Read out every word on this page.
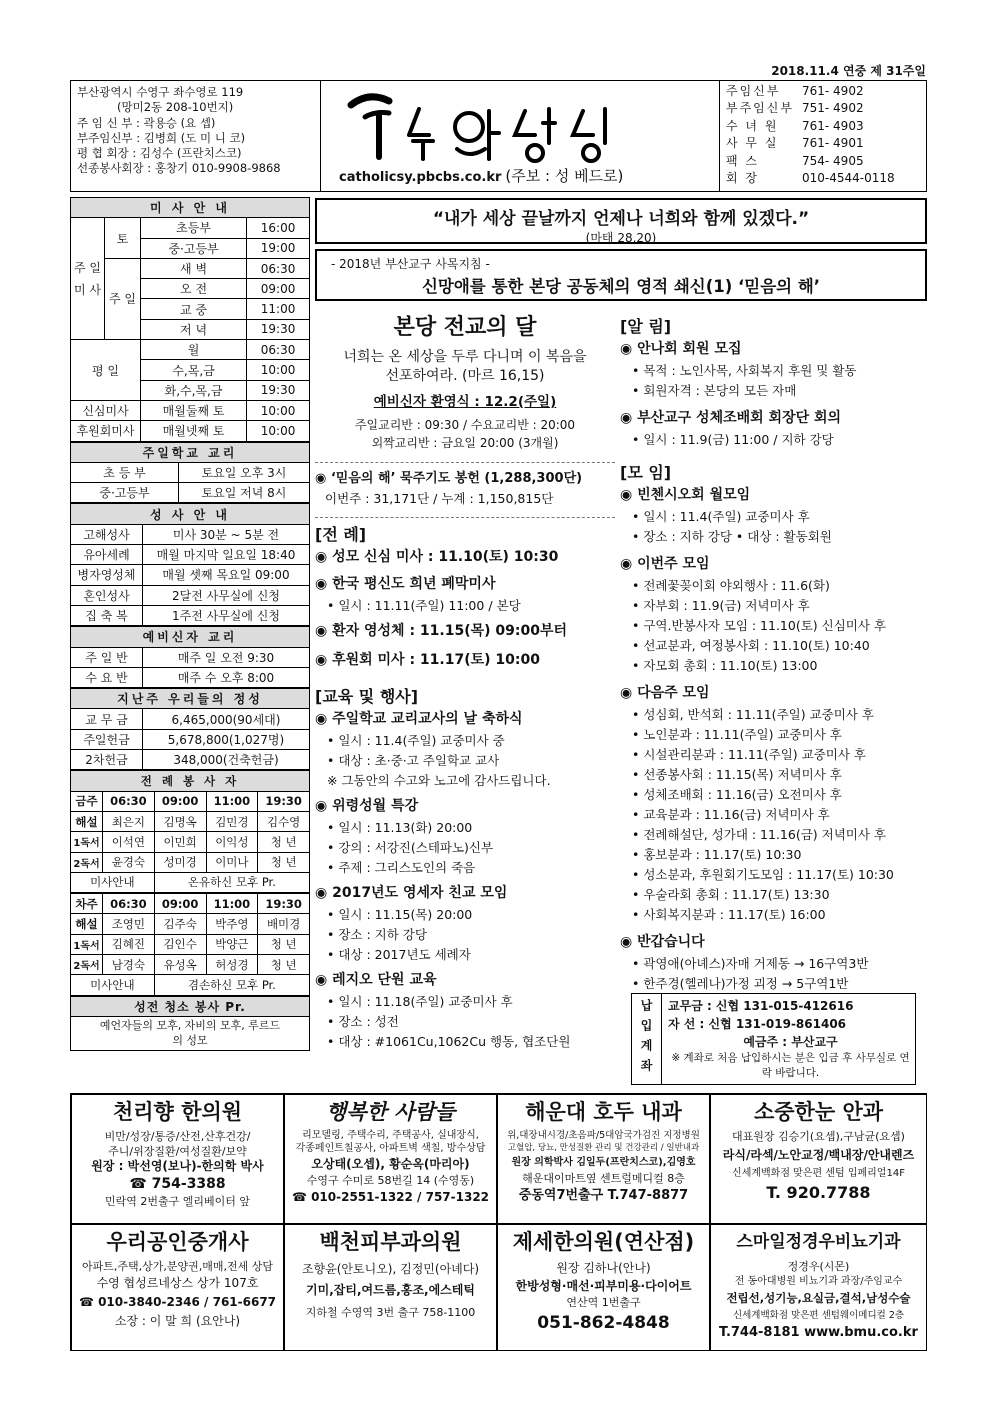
2018.11.4 연중 제 31주일
부산광역시 수영구 좌수영로 119
(망미2동 208-10번지)
주 임 신 부 : 곽용승 (요 셉)
부주임신부 : 김병희 (도 미 니 코)
평 협 회장 : 김성수 (프란치스코)
선종봉사회장 : 홍창기 010-9908-9868
catholicsy.pbcbs.co.kr (주보 : 성 베드로)
주임신부	761- 4902
부주임신부 751- 4902
수 녀 원	761- 4903
사 무 실	761- 4901
팩 스	754- 4905
회 장	010-4544-0118
미 사 안 내			
주 일 미 사	토	초등부	16:00
		중·고등부	19:00
	주 일	새 벽	06:30
		오 전	09:00
		교 중	11:00
		저 녁	19:30
평 일		월	06:30
		수,목,금	10:00
		화,수,목,금	19:30
신심미사		매월둘째 토	10:00
후원회미사		매월넷째 토	10:00
주일학교 교리	
초 등 부	토요일 오후 3시
중·고등부	토요일 저녁 8시
성 사 안 내	
고해성사	미사 30분 ~ 5분 전
유아세례	매월 마지막 일요일 18:40
병자영성체	매월 셋째 목요일 09:00
혼인성사	2달전 사무실에 신청
집 축 복	1주전 사무실에 신청
예비신자 교리	
주 일 반	매주 일 오전 9:30
수 요 반	매주 수 오후 8:00
지난주 우리들의 정성	
교 무 금	6,465,000(90세대)
주일헌금	5,678,800(1,027명)
2차헌금	348,000(건축헌금)
전 례 봉 사 자				
금주	06:30	09:00	11:00	19:30
해설	최은지	김명옥	김민경	김수영
1독서	이석연	이민희	이익성	청 년
2독서	윤경숙	성미경	이미나	청 년
미사안내		온유하신 모후 Pr.		
차주	06:30	09:00	11:00	19:30
해설	조영민	김주숙	박주영	배미경
1독서	김혜진	김인수	박양근	청 년
2독서	남경숙	유성옥	허성경	청 년
미사안내		겸손하신 모후 Pr.		
성전 청소 봉사 Pr.
예언자들의 모후, 자비의 모후, 루르드의 성모
“내가 세상 끝날까지 언제나 너희와 함께 있겠다.”
(마태 28,20)
- 2018년 부산교구 사목지침 -
신망애를 통한 본당 공동체의 영적 쇄신(1) ‘믿음의 해’
본당 전교의 달
너희는 온 세상을 두루 다니며 이 복음을 선포하여라. (마르 16,15)
예비신자 환영식 : 12.2(주일)
주일교리반 : 09:30 / 수요교리반 : 20:00
외짝교리반 : 금요일 20:00 (3개월)
◉ ‘믿음의 해’ 묵주기도 봉헌 (1,288,300단)
이번주 : 31,171단 / 누계 : 1,150,815단
[전 례]
◉ 성모 신심 미사 : 11.10(토) 10:30
◉ 한국 평신도 희년 폐막미사
• 일시 : 11.11(주일) 11:00 / 본당
◉ 환자 영성체 : 11.15(목) 09:00부터
◉ 후원회 미사 : 11.17(토) 10:00
[교육 및 행사]
◉ 주일학교 교리교사의 날 축하식
• 일시 : 11.4(주일) 교중미사 중
• 대상 : 초·중·고 주일학교 교사
※ 그동안의 수고와 노고에 감사드립니다.
◉ 위령성월 특강
• 일시 : 11.13(화) 20:00
• 강의 : 서강진(스테파노)신부
• 주제 : 그리스도인의 죽음
◉ 2017년도 영세자 친교 모임
• 일시 : 11.15(목) 20:00
• 장소 : 지하 강당
• 대상 : 2017년도 세례자
◉ 레지오 단원 교육
• 일시 : 11.18(주일) 교중미사 후
• 장소 : 성전
• 대상 : #1061Cu,1062Cu 행동, 협조단원
[알 림]
◉ 안나회 회원 모집
• 목적 : 노인사목, 사회복지 후원 및 활동
• 회원자격 : 본당의 모든 자매
◉ 부산교구 성체조배회 회장단 회의
• 일시 : 11.9(금) 11:00 / 지하 강당
[모 임]
◉ 빈첸시오회 월모임
• 일시 : 11.4(주일) 교중미사 후
• 장소 : 지하 강당 • 대상 : 활동회원
◉ 이번주 모임
• 전례꽃꽂이회 야외행사 : 11.6(화)
• 자부회 : 11.9(금) 저녁미사 후
• 구역.반봉사자 모임 : 11.10(토) 신심미사 후
• 선교분과, 여정봉사회 : 11.10(토) 10:40
• 자모회 총회 : 11.10(토) 13:00
◉ 다음주 모임
• 성심회, 반석회 : 11.11(주일) 교중미사 후
• 노인분과 : 11.11(주일) 교중미사 후
• 시설관리분과 : 11.11(주일) 교중미사 후
• 선종봉사회 : 11.15(목) 저녁미사 후
• 성체조배회 : 11.16(금) 오전미사 후
• 교육분과 : 11.16(금) 저녁미사 후
• 전례해설단, 성가대 : 11.16(금) 저녁미사 후
• 홍보분과 : 11.17(토) 10:30
• 성소분과, 후원회기도모임 : 11.17(토) 10:30
• 우술라회 총회 : 11.17(토) 13:30
• 사회복지분과 : 11.17(토) 16:00
◉ 반갑습니다
• 곽영애(아녜스)자매 거제동 → 16구역3반
• 한주경(헬레나)가정 괴정 → 5구역1반
납입계좌	교무금 : 신협 131-015-412616
자 선 : 신협 131-019-861406
예금주 : 부산교구
※ 계좌로 처음 납입하시는 분은 입금 후 사무실로 연락 바랍니다.
천리향 한의원
비만/성장/통증/산전,산후건강/
주니/위장질환/여성질환/보약
원장 : 박선영(보나)-한의학 박사
☎ 754-3388
민락역 2번출구 엘리베이터 앞
행복한 사람들
리모델링, 주택수리, 주택공사, 실내장식,
각종페인트칠공사, 아파트벽 색칠, 방수상담
오상태(오셉), 황순옥(마리아)
수영구 수미로 58번길 14 (수영동)
☎ 010-2551-1322 / 757-1322
해운대 호두 내과
위,대장내시경/초음파/5대암국가검진 지정병원
고혈압, 당뇨, 만성질환 관리 및 건강관리 / 일반내과
원장 의학박사 김일두(프란치스코),김영호
해운대이마트옆 센트럴메디컬 8층
중동역7번출구 T.747-8877
소중한눈 안과
대표원장 김승기(요셉),구남균(요셉)
라식/라섹/노안교정/백내장/안내렌즈
신세계백화점 맞은편 센텀 입페리얼14F
T. 920.7788
우리공인중개사
아파트,주택,상가,분양권,매매,전세 상담
수영 협성르네상스 상가 107호
☎ 010-3840-2346 / 761-6677
소장 : 이 말 희 (요안나)
백천피부과의원
조향윤(안토니오), 김정민(아녜다)
기미,잡티,여드름,홍조,에스테틱
지하철 수영역 3번 출구 758-1100
제세한의원(연산점)
원장 김하나(안나)
한방성형·매선·피부미용·다이어트
연산역 1번출구
051-862-4848
스마일정경우비뇨기과
정경우(시몬)
전 동아대병원 비뇨기과 과장/주임교수
전립선,성기능,요실금,결석,남성수술
신세계백화점 맞은편 센텀웨이메디컬 2층
T.744-8181 www.bmu.co.kr
